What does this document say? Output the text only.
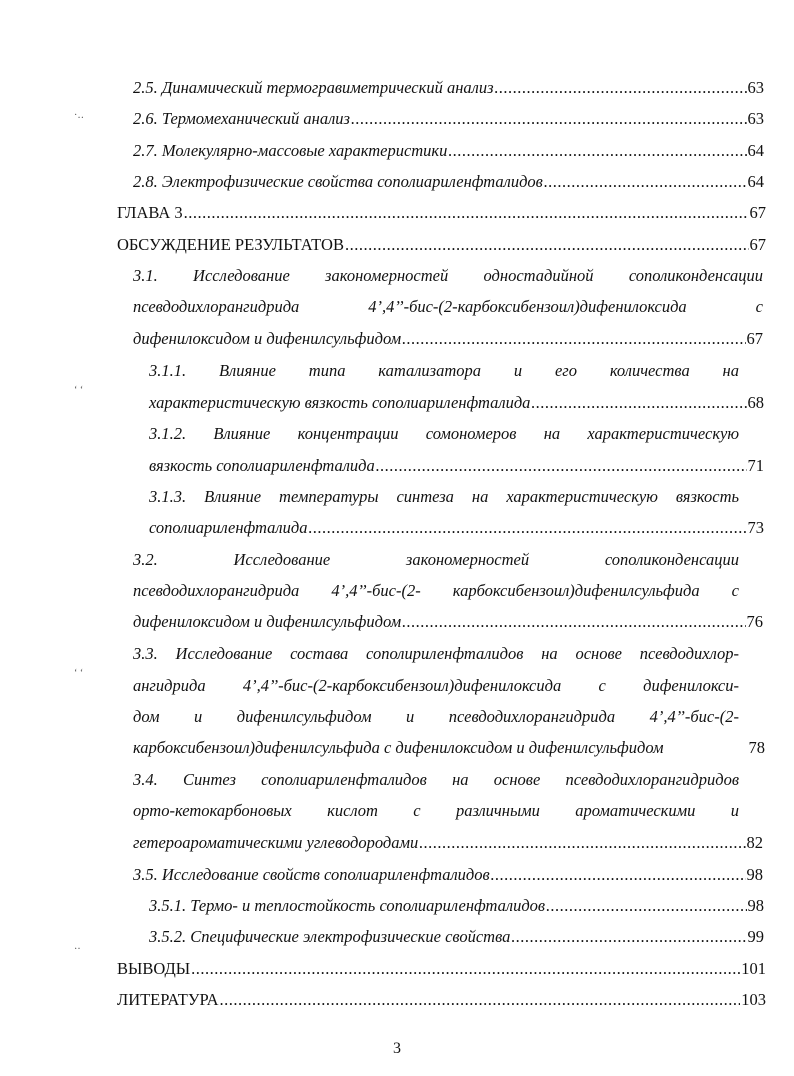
·‥
‘ ‘
‘ ‘
‥
2.5. Динамический термогравиметрический анализ .....	63
2.6. Термомеханический анализ .....	63
2.7. Молекулярно-массовые характеристики .....	64
2.8. Электрофизические свойства сополиариленфталидов .....	64
ГЛАВА 3 .....	67
ОБСУЖДЕНИЕ РЕЗУЛЬТАТОВ .....	67
3.1. Исследование закономерностей одностадийной сополиконденсации
псевдодихлорангидрида 4’,4’’-бис-(2-карбоксибензоил)дифенилоксида с
дифенилоксидом и дифенилсульфидом .....	67
3.1.1. Влияние типа катализатора и его количества на
характеристическую вязкость сополиариленфталида .....	68
3.1.2. Влияние концентрации сомономеров на характеристическую
вязкость сополиариленфталида .....	71
3.1.3. Влияние температуры синтеза на характеристическую вязкость
сополиариленфталида .....	73
3.2. Исследование закономерностей сополиконденсации
псевдодихлорангидрида 4’,4’’-бис-(2- карбоксибензоил)дифенилсульфида с
дифенилоксидом и дифенилсульфидом .....	76
3.3. Исследование состава сополириленфталидов на основе псевдодихлор-
ангидрида 4’,4’’-бис-(2-карбоксибензоил)дифенилоксида с дифенилокси-
дом и дифенилсульфидом и псевдодихлорангидрида 4’,4’’-бис-(2-
карбоксибензоил)дифенилсульфида с дифенилоксидом и дифенилсульфидом	78
3.4. Синтез сополиариленфталидов на основе псевдодихлорангидридов
орто-кетокарбоновых кислот с различными ароматическими и
гетероароматическими углеводородами .....	82
3.5. Исследование свойств сополиариленфталидов .....	98
3.5.1. Термо- и теплостойкость сополиариленфталидов .....	98
3.5.2. Специфические электрофизические свойства .....	99
ВЫВОДЫ .....	101
ЛИТЕРАТУРА .....	103
3
